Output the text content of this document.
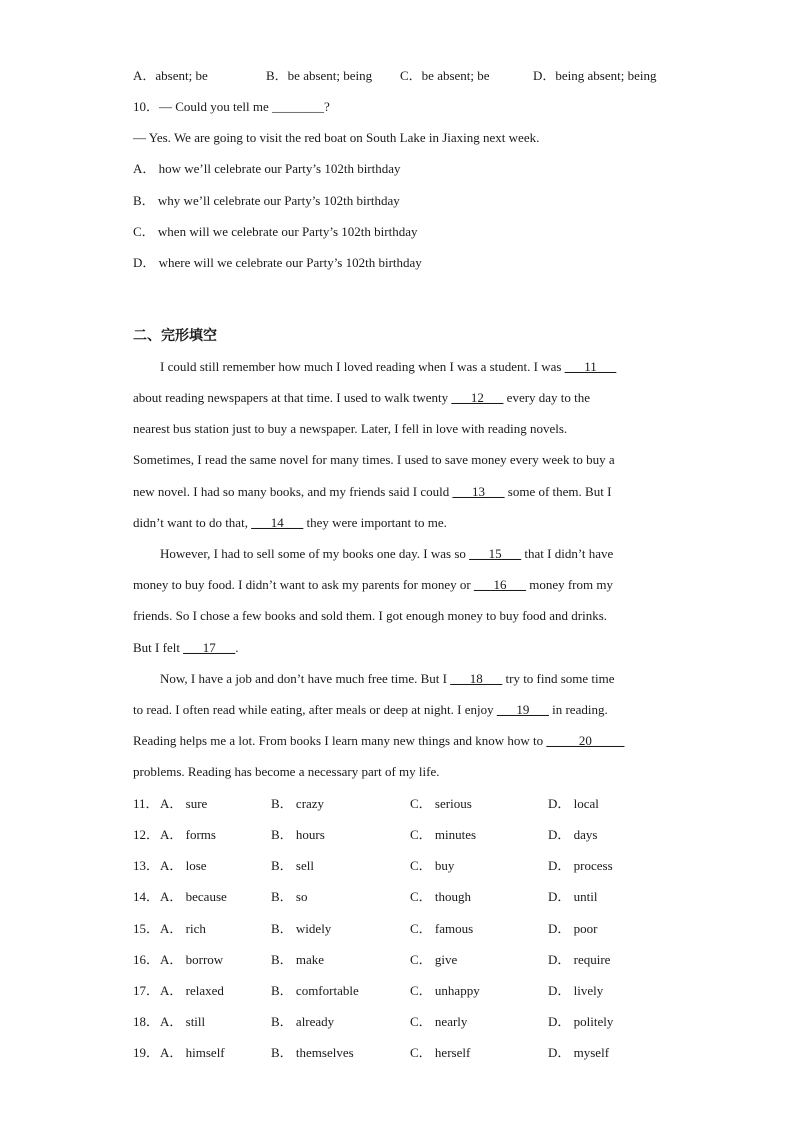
A．absent; be	B．be absent; being C．be absent; be	D．being absent; being
10．— Could you tell me ________?
— Yes. We are going to visit the red boat on South Lake in Jiaxing next week.
A． how we’ll celebrate our Party’s 102th birthday
B． why we’ll celebrate our Party’s 102th birthday
C． when will we celebrate our Party’s 102th birthday
D． where will we celebrate our Party’s 102th birthday
二、完形填空
I could still remember how much I loved reading when I was a student. I was ___11___
about reading newspapers at that time. I used to walk twenty ___12___ every day to the
nearest bus station just to buy a newspaper. Later, I fell in love with reading novels.
Sometimes, I read the same novel for many times. I used to save money every week to buy a
new novel. I had so many books, and my friends said I could ___13___ some of them. But I
didn’t want to do that, ___14___ they were important to me.
However, I had to sell some of my books one day. I was so ___15___ that I didn’t have
money to buy food. I didn’t want to ask my parents for money or ___16___ money from my
friends. So I chose a few books and sold them. I got enough money to buy food and drinks.
But I felt ___17___.
Now, I have a job and don’t have much free time. But I ___18___ try to find some time
to read. I often read while eating, after meals or deep at night. I enjoy ___19___ in reading.
Reading helps me a lot. From books I learn many new things and know how to _____20_____
problems. Reading has become a necessary part of my life.
11． A． sure	B． crazy	C． serious	D． local
12． A． forms	B． hours	C． minutes	D． days
13． A． lose	B． sell	C． buy	D． process
14． A． because	B． so	C． though	D． until
15． A． rich	B． widely	C． famous	D． poor
16． A． borrow	B． make	C． give	D． require
17． A． relaxed	B． comfortable	C． unhappy	D． lively
18． A． still	B． already	C． nearly	D． politely
19． A． himself	B． themselves	C． herself	D． myself
